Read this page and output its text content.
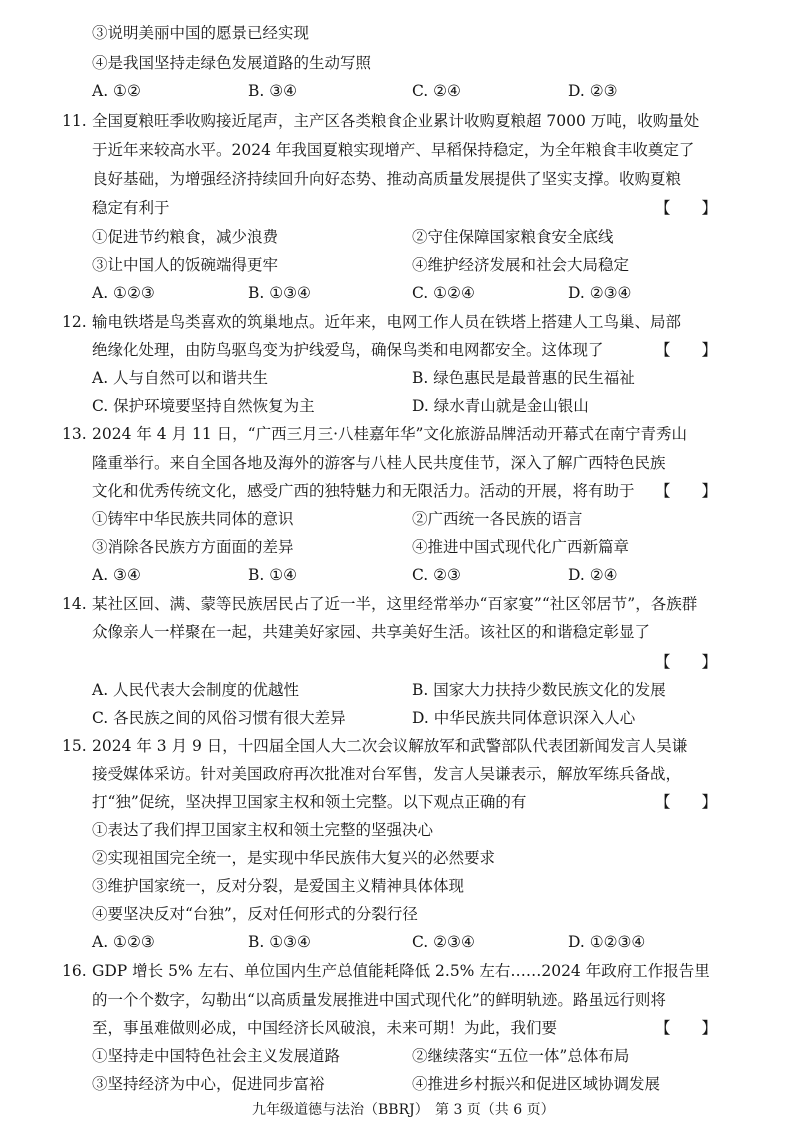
③说明美丽中国的愿景已经实现
④是我国坚持走绿色发展道路的生动写照
A. ①②	B. ③④	C. ②④	D. ②③
11. 全国夏粮旺季收购接近尾声，主产区各类粮食企业累计收购夏粮超 7000 万吨，收购量处
于近年来较高水平。2024 年我国夏粮实现增产、早稻保持稳定，为全年粮食丰收奠定了
良好基础，为增强经济持续回升向好态势、推动高质量发展提供了坚实支撑。收购夏粮
稳定有利于	【　　】
①促进节约粮食，减少浪费	②守住保障国家粮食安全底线
③让中国人的饭碗端得更牢	④维护经济发展和社会大局稳定
A. ①②③	B. ①③④	C. ①②④	D. ②③④
12. 输电铁塔是鸟类喜欢的筑巢地点。近年来，电网工作人员在铁塔上搭建人工鸟巢、局部
绝缘化处理，由防鸟驱鸟变为护线爱鸟，确保鸟类和电网都安全。这体现了	【　　】
A. 人与自然可以和谐共生	B. 绿色惠民是最普惠的民生福祉
C. 保护环境要坚持自然恢复为主	D. 绿水青山就是金山银山
13. 2024 年 4 月 11 日，“广西三月三·八桂嘉年华”文化旅游品牌活动开幕式在南宁青秀山
隆重举行。来自全国各地及海外的游客与八桂人民共度佳节，深入了解广西特色民族
文化和优秀传统文化，感受广西的独特魅力和无限活力。活动的开展，将有助于 【　　】
①铸牢中华民族共同体的意识	②广西统一各民族的语言
③消除各民族方方面面的差异	④推进中国式现代化广西新篇章
A. ③④	B. ①④	C. ②③	D. ②④
14. 某社区回、满、蒙等民族居民占了近一半，这里经常举办“百家宴”“社区邻居节”，各族群
众像亲人一样聚在一起，共建美好家园、共享美好生活。该社区的和谐稳定彰显了
【　　】
A. 人民代表大会制度的优越性	B. 国家大力扶持少数民族文化的发展
C. 各民族之间的风俗习惯有很大差异	D. 中华民族共同体意识深入人心
15. 2024 年 3 月 9 日，十四届全国人大二次会议解放军和武警部队代表团新闻发言人吴谦
接受媒体采访。针对美国政府再次批准对台军售，发言人吴谦表示，解放军练兵备战，
打“独”促统，坚决捍卫国家主权和领土完整。以下观点正确的有	【　　】
①表达了我们捍卫国家主权和领土完整的坚强决心
②实现祖国完全统一，是实现中华民族伟大复兴的必然要求
③维护国家统一，反对分裂，是爱国主义精神具体体现
④要坚决反对“台独”，反对任何形式的分裂行径
A. ①②③	B. ①③④	C. ②③④	D. ①②③④
16. GDP 增长 5% 左右、单位国内生产总值能耗降低 2.5% 左右……2024 年政府工作报告里
的一个个数字，勾勒出“以高质量发展推进中国式现代化”的鲜明轨迹。路虽远行则将
至，事虽难做则必成，中国经济长风破浪，未来可期！为此，我们要	【　　】
①坚持走中国特色社会主义发展道路	②继续落实“五位一体”总体布局
③坚持经济为中心，促进同步富裕	④推进乡村振兴和促进区域协调发展
九年级道德与法治（BBRJ） 第 3 页（共 6 页）
